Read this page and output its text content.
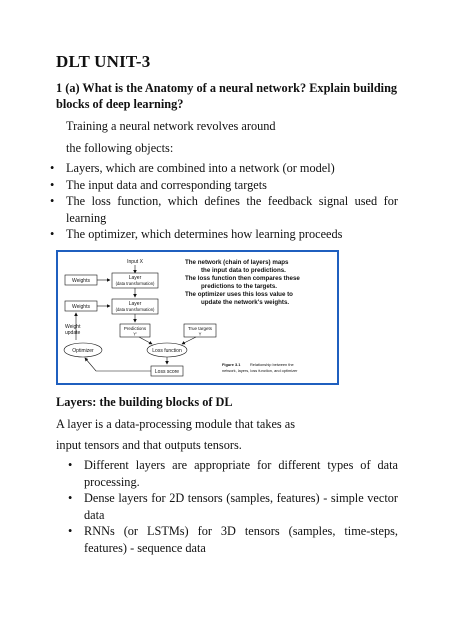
DLT UNIT-3

1 (a) What is the Anatomy of a neural network? Explain building blocks of deep learning?

Training a neural network revolves around

the following objects:

• Layers, which are combined into a network (or model)
• The input data and corresponding targets
• The loss function, which defines the feedback signal used for learning
• The optimizer, which determines how learning proceeds
Input X
Weights	Layer
(data transformation)
Weights	Layer
(data transformation)
Weight
update
Predictions
Y'
True targets
Y
Optimizer	Loss function
Loss score
The network (chain of layers) maps
the input data to predictions.
The loss function then compares these
predictions to the targets.
The optimizer uses this loss value to
update the network's weights.
Figure 3.1 Relationship between the
network, layers, loss function, and optimizer

Layers: the building blocks of DL

A layer is a data-processing module that takes as

input tensors and that outputs tensors.

• Different layers are appropriate for different types of data processing.
• Dense layers for 2D tensors (samples, features) - simple vector data
• RNNs (or LSTMs) for 3D tensors (samples, time-steps, features) - sequence data
